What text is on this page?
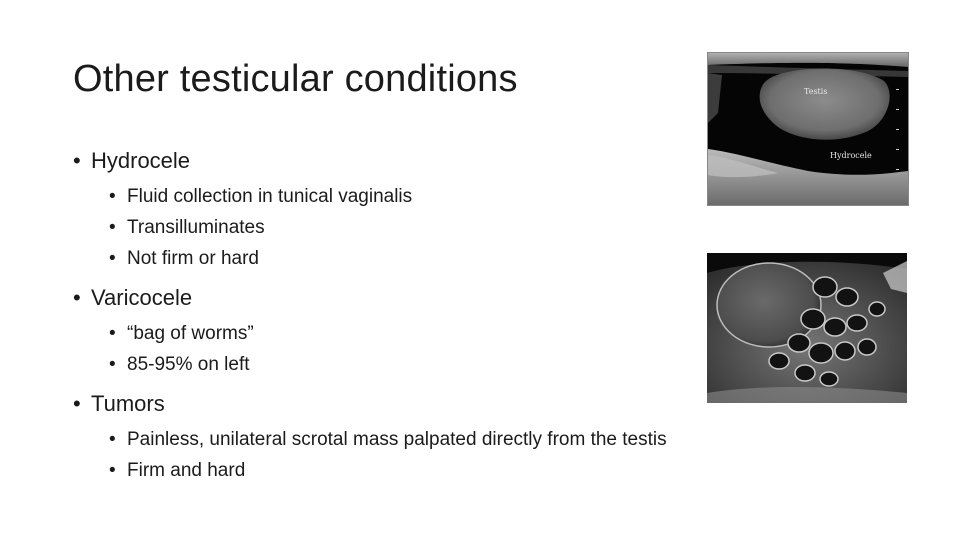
Other testicular conditions
• Hydrocele
• Fluid collection in tunical vaginalis
• Transilluminates
• Not firm or hard
• Varicocele
• “bag of worms”
• 85-95% on left
• Tumors
• Painless, unilateral scrotal mass palpated directly from the testis
• Firm and hard
Testis
Hydrocele
